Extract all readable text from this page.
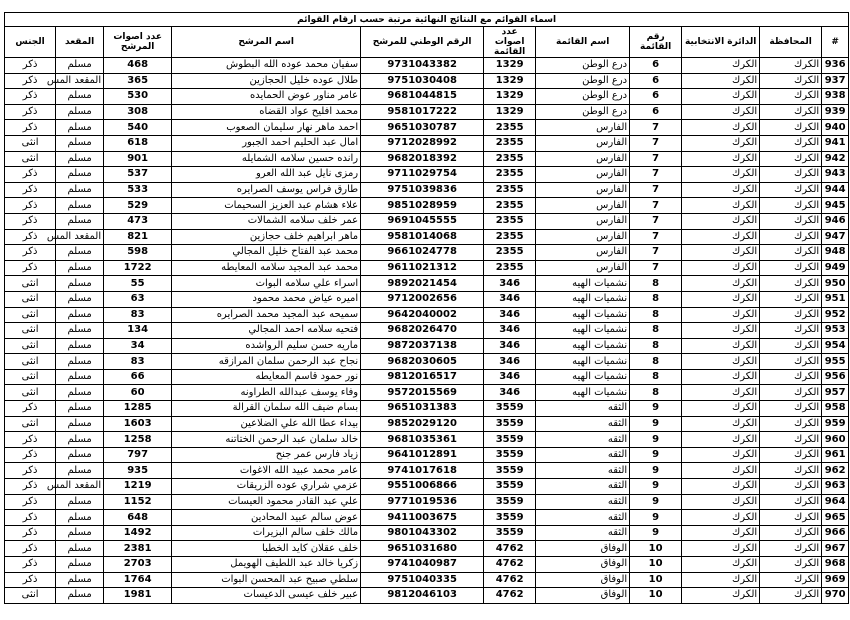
اسماء القوائم مع النتائج النهائية مرتبة حسب ارقام القوائم										
#	المحافظة	الدائرة الانتخابية	رقم القائمة	اسم القائمة	عدد اصوات القائمة	الرقم الوطني للمرشح	اسم المرشح	عدد اصوات المرشح	المقعد	الجنس
936	الكرك	الكرك	6	درع الوطن	1329	9731043382	سفيان محمد عوده الله البطوش	468	مسلم	ذكر
937	الكرك	الكرك	6	درع الوطن	1329	9751030408	طلال عوده خليل الحجازين	365	المقعد المس	ذكر
938	الكرك	الكرك	6	درع الوطن	1329	9681044815	عامر مناور عوض الحمايده	530	مسلم	ذكر
939	الكرك	الكرك	6	درع الوطن	1329	9581017222	محمد افليح عواد القضاه	308	مسلم	ذكر
940	الكرك	الكرك	7	الفارس	2355	9651030787	احمد ماهر نهار سليمان الصعوب	540	مسلم	ذكر
941	الكرك	الكرك	7	الفارس	2355	9712028992	امال عبد الحليم احمد الجبور	618	مسلم	انثى
942	الكرك	الكرك	7	الفارس	2355	9682018392	رانده حسين سلامه الشمايله	901	مسلم	انثى
943	الكرك	الكرك	7	الفارس	2355	9711029754	رمزى نايل عبد الله العرو	537	مسلم	ذكر
944	الكرك	الكرك	7	الفارس	2355	9751039836	طارق فراس يوسف الصرايره	533	مسلم	ذكر
945	الكرك	الكرك	7	الفارس	2355	9851028959	علاء هشام عبد العزيز السحيمات	529	مسلم	ذكر
946	الكرك	الكرك	7	الفارس	2355	9691045555	عمر خلف سلامه الشمالات	473	مسلم	ذكر
947	الكرك	الكرك	7	الفارس	2355	9581014068	ماهر ابراهيم خلف حجازين	821	المقعد المس	ذكر
948	الكرك	الكرك	7	الفارس	2355	9661024778	محمد عبد الفتاح خليل المجالي	598	مسلم	ذكر
949	الكرك	الكرك	7	الفارس	2355	9611021312	محمد عبد المجيد سلامه المعايطه	1722	مسلم	ذكر
950	الكرك	الكرك	8	نشميات الهيه	346	9892021454	اسراء علي سلامه البوات	55	مسلم	انثى
951	الكرك	الكرك	8	نشميات الهيه	346	9712002656	اميره عياض محمد محمود	63	مسلم	انثى
952	الكرك	الكرك	8	نشميات الهيه	346	9642040002	سميحه عبد المجيد محمد الصرايره	83	مسلم	انثى
953	الكرك	الكرك	8	نشميات الهيه	346	9682026470	فتحيه سلامه احمد المجالي	134	مسلم	انثى
954	الكرك	الكرك	8	نشميات الهيه	346	9872037138	ماريه حسن سليم الرواشده	34	مسلم	انثى
955	الكرك	الكرك	8	نشميات الهيه	346	9682030605	نجاح عبد الرحمن سلمان المرازقه	83	مسلم	انثى
956	الكرك	الكرك	8	نشميات الهيه	346	9812016517	نور حمود قاسم المعايطه	66	مسلم	انثى
957	الكرك	الكرك	8	نشميات الهيه	346	9572015569	وفاء يوسف عبدالله الطراونه	60	مسلم	انثى
958	الكرك	الكرك	9	الثقه	3559	9651031383	بسام ضيف الله سلمان القرالة	1285	مسلم	ذكر
959	الكرك	الكرك	9	الثقه	3559	9852029120	بيداء عطا الله علي الضلاعين	1603	مسلم	انثى
960	الكرك	الكرك	9	الثقه	3559	9681035361	خالد سلمان عبد الرحمن الختاتنه	1258	مسلم	ذكر
961	الكرك	الكرك	9	الثقه	3559	9641012891	زياد فارس عمر جنح	797	مسلم	ذكر
962	الكرك	الكرك	9	الثقه	3559	9741017618	عامر محمد عبيد الله الاغوات	935	مسلم	ذكر
963	الكرك	الكرك	9	الثقه	3559	9551006866	عزمي شراري عوده الزريقات	1219	المقعد المس	ذكر
964	الكرك	الكرك	9	الثقه	3559	9771019536	علي عبد القادر محمود العيسات	1152	مسلم	ذكر
965	الكرك	الكرك	9	الثقه	3559	9411003675	عوض سالم عبيد المحادين	648	مسلم	ذكر
966	الكرك	الكرك	9	الثقه	3559	9801043302	مالك خلف سالم البزيرات	1492	مسلم	ذكر
967	الكرك	الكرك	10	الوفاق	4762	9651031680	خلف عقلان كايد الخطبا	2381	مسلم	ذكر
968	الكرك	الكرك	10	الوفاق	4762	9741040987	زكريا خالد عبد اللطيف الهويمل	2703	مسلم	ذكر
969	الكرك	الكرك	10	الوفاق	4762	9751040335	سلطي صبيح عبد المحسن البوات	1764	مسلم	ذكر
970	الكرك	الكرك	10	الوفاق	4762	9812046103	عبير خلف عيسى الدعيسات	1981	مسلم	انثى
